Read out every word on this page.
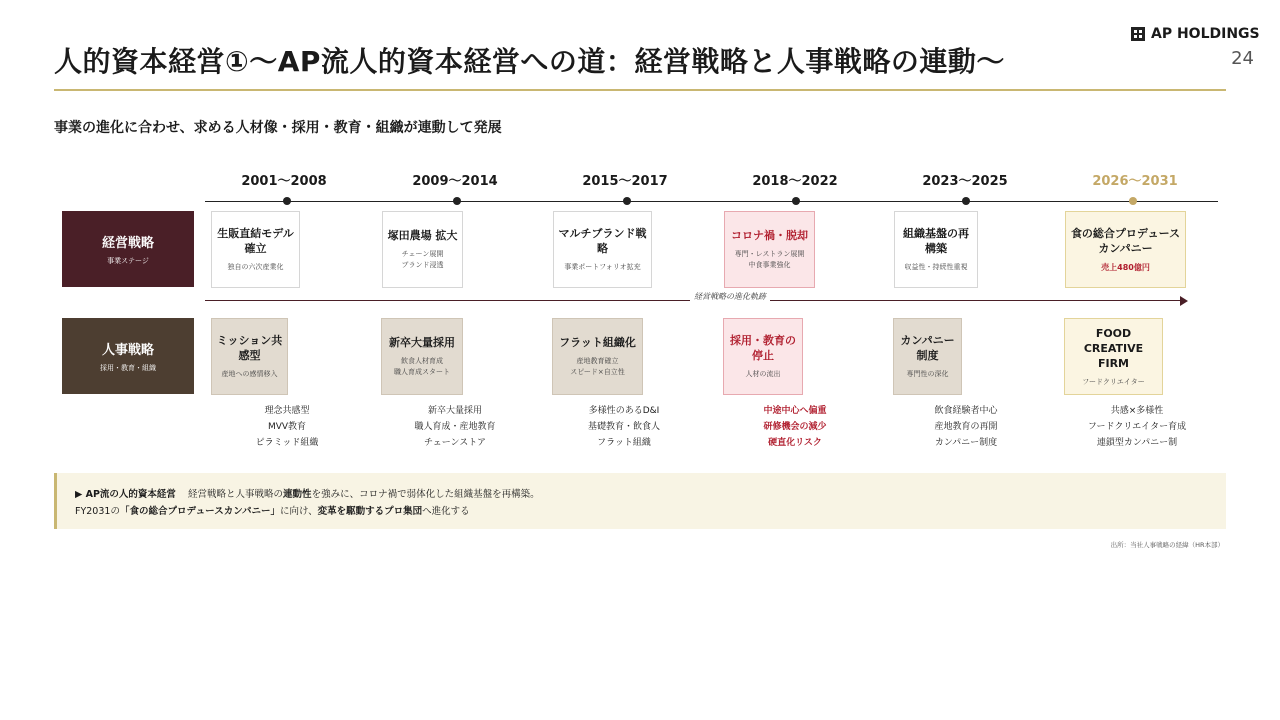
人的資本経営①〜AP流人的資本経営への道：経営戦略と人事戦略の連動〜
AP HOLDINGS
24
事業の進化に合わせ、求める人材像・採用・教育・組織が連動して発展
2001〜2008	2009〜2014	2015〜2017	2018〜2022	2023〜2025	2026〜2031
経営戦略
事業ステージ
人事戦略
採用・教育・組織
生販直結モデル確立
独自の六次産業化
塚田農場 拡大
チェーン展開
ブランド浸透
マルチブランド戦略
事業ポートフォリオ拡充
コロナ禍・脱却
専門・レストラン展開
中食事業強化
組織基盤の再構築
収益性・持続性重視
食の総合プロデュースカンパニー
売上480億円
経営戦略の進化軌跡
ミッション共感型
産地への感情移入
新卒大量採用
飲食人材育成
職人育成スタート
フラット組織化
産地教育確立
スピード×自立性
採用・教育の停止
人材の流出
カンパニー制度
専門性の深化
FOOD CREATIVE FIRM
フードクリエイター
理念共感型
MVV教育
ピラミッド組織
新卒大量採用
職人育成・産地教育
チェーンストア
多様性のあるD&I
基礎教育・飲食人
フラット組織
中途中心へ偏重
研修機会の減少
硬直化リスク
飲食経験者中心
産地教育の再開
カンパニー制度
共感×多様性
フードクリエイター育成
連鎖型カンパニー制
▶ AP流の人的資本経営 経営戦略と人事戦略の連動性を強みに、コロナ禍で弱体化した組織基盤を再構築。
FY2031の「食の総合プロデュースカンパニー」に向け、変革を駆動するプロ集団へ進化する
出所：当社人事戦略の経緯（HR本部）
